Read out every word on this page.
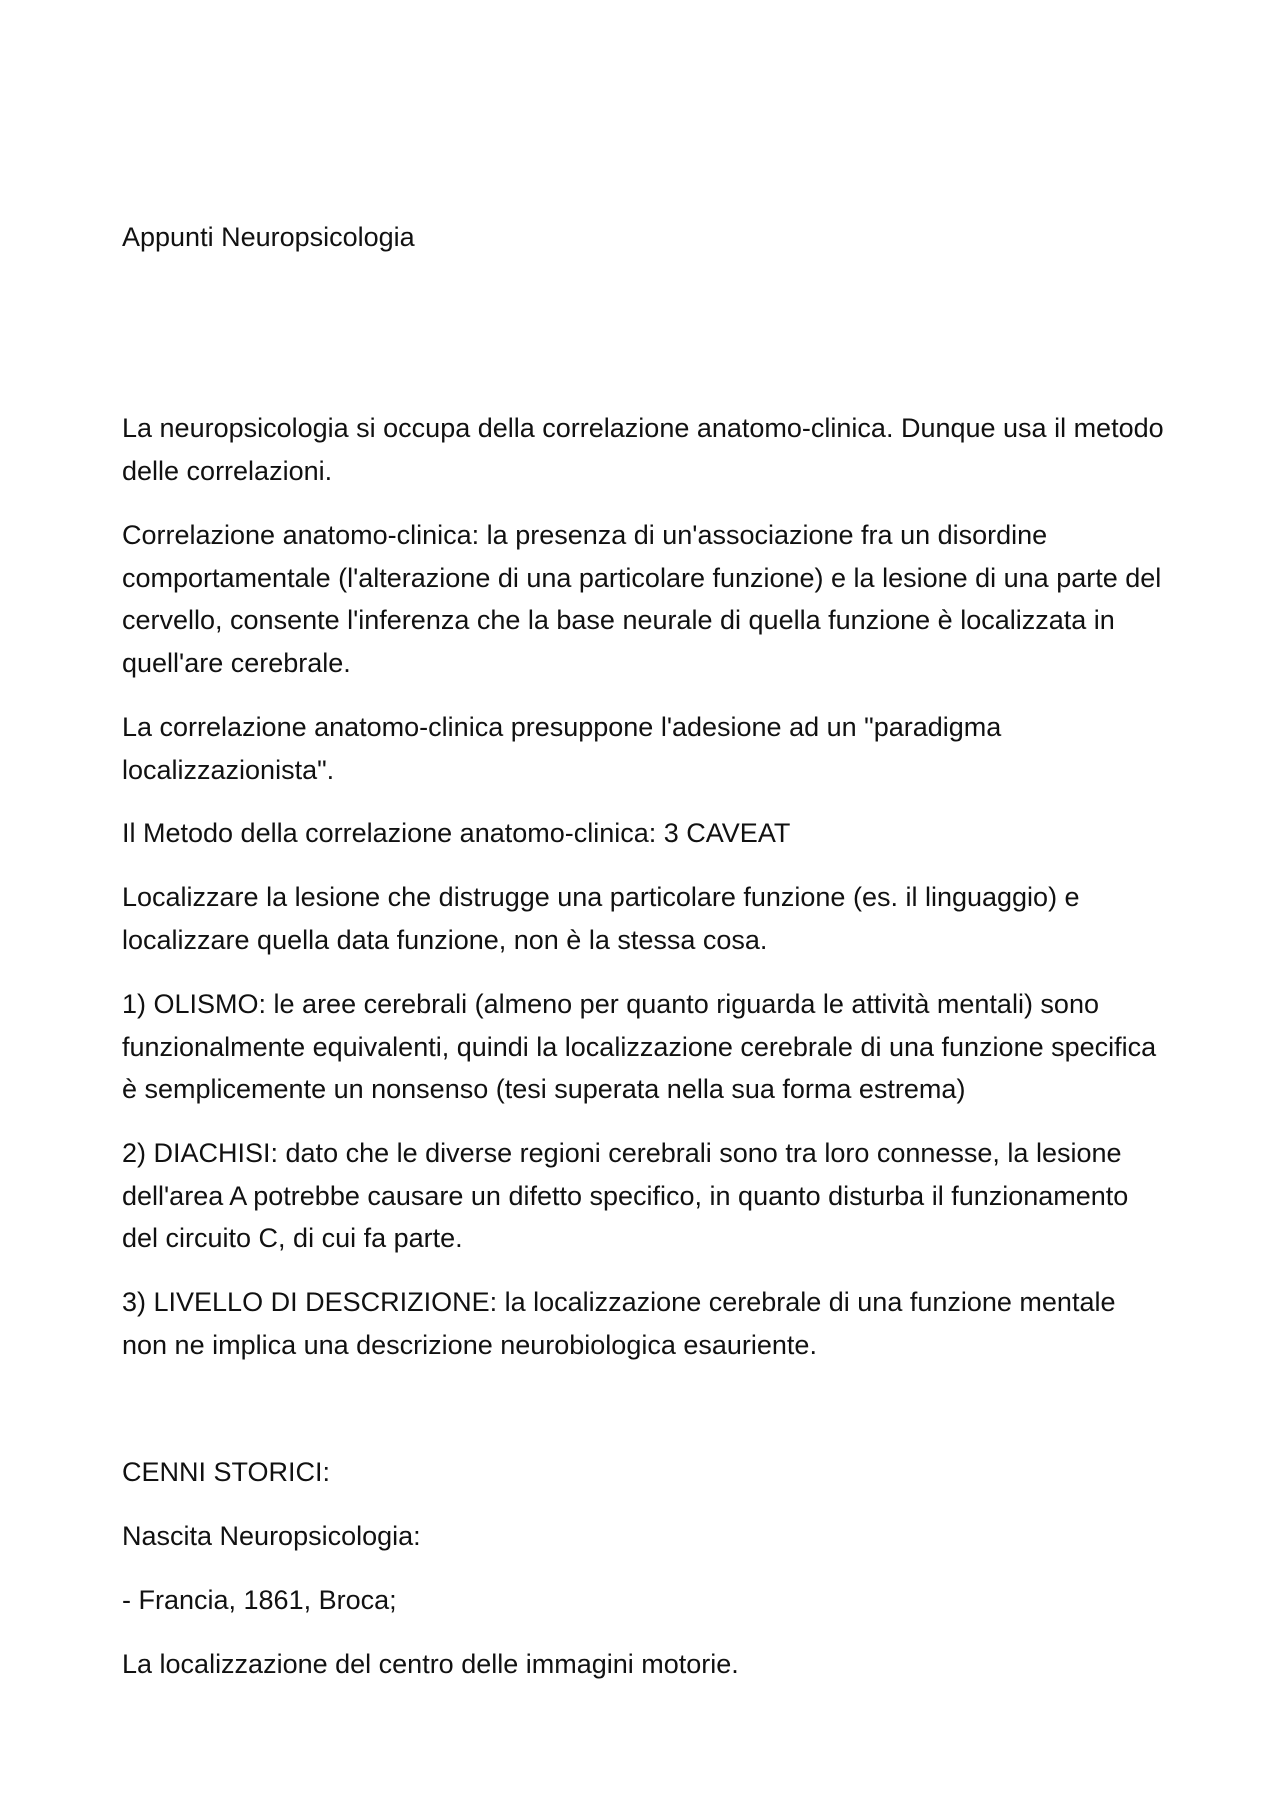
Appunti Neuropsicologia

La neuropsicologia si occupa della correlazione anatomo-clinica. Dunque usa il metodo delle correlazioni.

Correlazione anatomo-clinica: la presenza di un'associazione fra un disordine comportamentale (l'alterazione di una particolare funzione) e la lesione di una parte del cervello, consente l'inferenza che la base neurale di quella funzione è localizzata in quell'are cerebrale.

La correlazione anatomo-clinica presuppone l'adesione ad un "paradigma localizzazionista".

Il Metodo della correlazione anatomo-clinica: 3 CAVEAT

Localizzare la lesione che distrugge una particolare funzione (es. il linguaggio) e localizzare quella data funzione, non è la stessa cosa.

1) OLISMO: le aree cerebrali (almeno per quanto riguarda le attività mentali) sono funzionalmente equivalenti, quindi la localizzazione cerebrale di una funzione specifica è semplicemente un nonsenso (tesi superata nella sua forma estrema)

2) DIACHISI: dato che le diverse regioni cerebrali sono tra loro connesse, la lesione dell'area A potrebbe causare un difetto specifico, in quanto disturba il funzionamento del circuito C, di cui fa parte.

3) LIVELLO DI DESCRIZIONE: la localizzazione cerebrale di una funzione mentale non ne implica una descrizione neurobiologica esauriente.

CENNI STORICI:

Nascita Neuropsicologia:

- Francia, 1861, Broca;

La localizzazione del centro delle immagini motorie.
